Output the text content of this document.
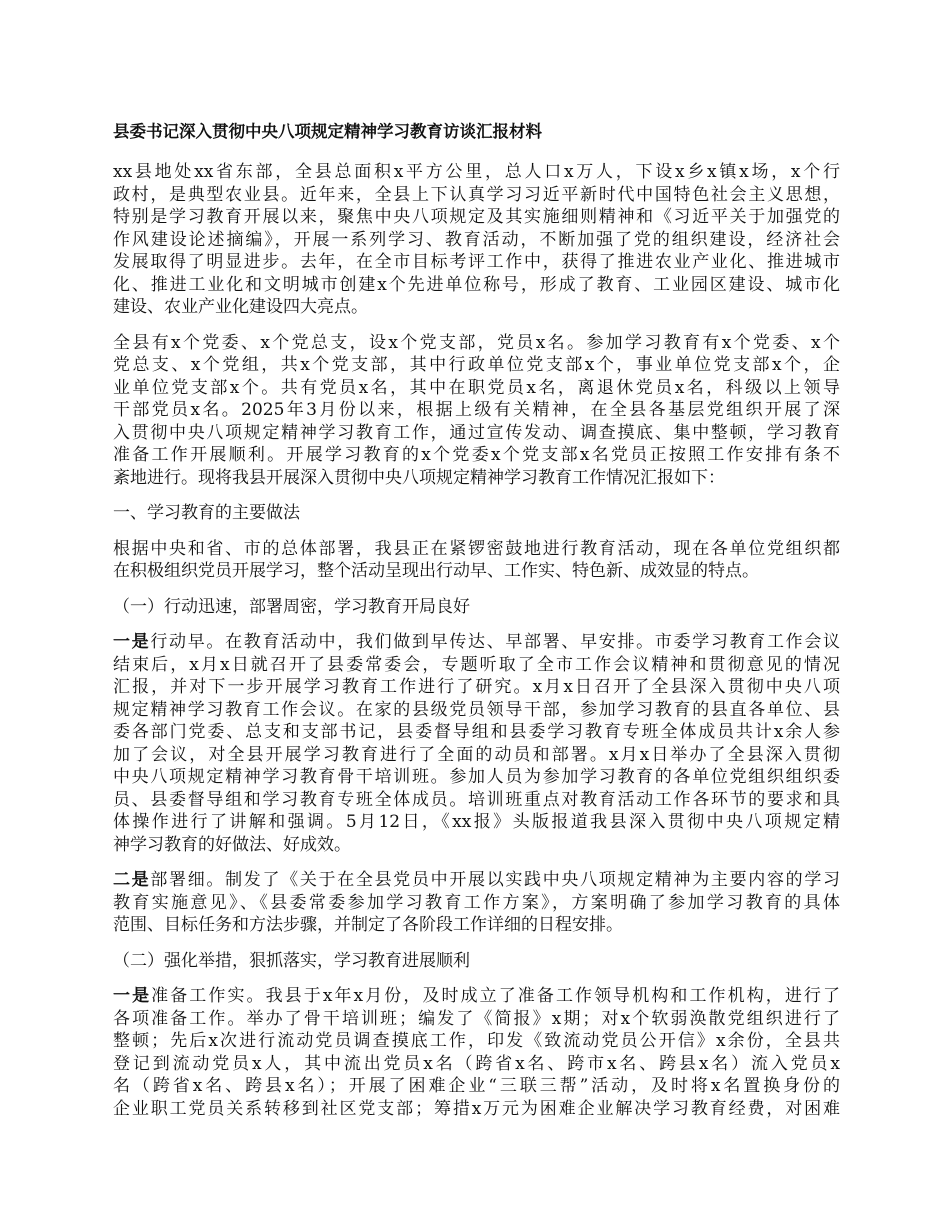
县委书记深入贯彻中央八项规定精神学习教育访谈汇报材料
xx县地处xx省东部，全县总面积x平方公里，总人口x万人，下设x乡x镇x场，x个行
政村，是典型农业县。近年来，全县上下认真学习习近平新时代中国特色社会主义思想，
特别是学习教育开展以来，聚焦中央八项规定及其实施细则精神和《习近平关于加强党的
作风建设论述摘编》，开展一系列学习、教育活动，不断加强了党的组织建设，经济社会
发展取得了明显进步。去年，在全市目标考评工作中，获得了推进农业产业化、推进城市
化、推进工业化和文明城市创建x个先进单位称号，形成了教育、工业园区建设、城市化
建设、农业产业化建设四大亮点。
全县有x个党委、x个党总支，设x个党支部，党员x名。参加学习教育有x个党委、x个
党总支、x个党组，共x个党支部，其中行政单位党支部x个，事业单位党支部x个，企
业单位党支部x个。共有党员x名，其中在职党员x名，离退休党员x名，科级以上领导
干部党员x名。2025年3月份以来，根据上级有关精神，在全县各基层党组织开展了深
入贯彻中央八项规定精神学习教育工作，通过宣传发动、调查摸底、集中整顿，学习教育
准备工作开展顺利。开展学习教育的x个党委x个党支部x名党员正按照工作安排有条不
紊地进行。现将我县开展深入贯彻中央八项规定精神学习教育工作情况汇报如下：
一、学习教育的主要做法
根据中央和省、市的总体部署，我县正在紧锣密鼓地进行教育活动，现在各单位党组织都
在积极组织党员开展学习，整个活动呈现出行动早、工作实、特色新、成效显的特点。
（一）行动迅速，部署周密，学习教育开局良好
一是行动早。在教育活动中，我们做到早传达、早部署、早安排。市委学习教育工作会议
结束后，x月x日就召开了县委常委会，专题听取了全市工作会议精神和贯彻意见的情况
汇报，并对下一步开展学习教育工作进行了研究。x月x日召开了全县深入贯彻中央八项
规定精神学习教育工作会议。在家的县级党员领导干部，参加学习教育的县直各单位、县
委各部门党委、总支和支部书记，县委督导组和县委学习教育专班全体成员共计x余人参
加了会议，对全县开展学习教育进行了全面的动员和部署。x月x日举办了全县深入贯彻
中央八项规定精神学习教育骨干培训班。参加人员为参加学习教育的各单位党组织组织委
员、县委督导组和学习教育专班全体成员。培训班重点对教育活动工作各环节的要求和具
体操作进行了讲解和强调。5月12日，《xx报》头版报道我县深入贯彻中央八项规定精
神学习教育的好做法、好成效。
二是部署细。制发了《关于在全县党员中开展以实践中央八项规定精神为主要内容的学习
教育实施意见》、《县委常委参加学习教育工作方案》，方案明确了参加学习教育的具体
范围、目标任务和方法步骤，并制定了各阶段工作详细的日程安排。
（二）强化举措，狠抓落实，学习教育进展顺利
一是准备工作实。我县于x年x月份，及时成立了准备工作领导机构和工作机构，进行了
各项准备工作。举办了骨干培训班；编发了《简报》x期；对x个软弱涣散党组织进行了
整顿；先后x次进行流动党员调查摸底工作，印发《致流动党员公开信》x余份，全县共
登记到流动党员x人，其中流出党员x名（跨省x名、跨市x名、跨县x名）流入党员x
名（跨省x名、跨县x名）；开展了困难企业“三联三帮”活动，及时将x名置换身份的
企业职工党员关系转移到社区党支部；筹措x万元为困难企业解决学习教育经费，对困难
